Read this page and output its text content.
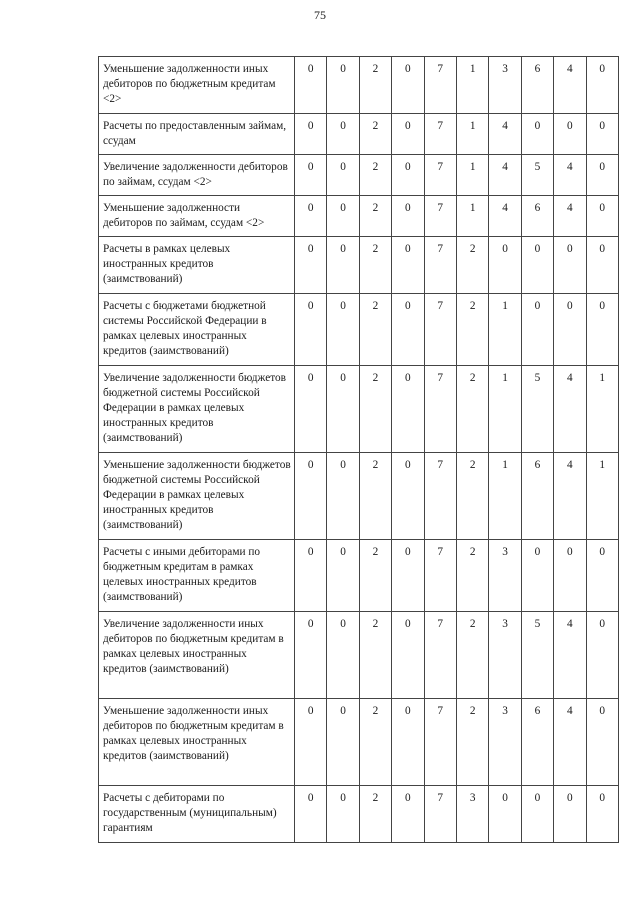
75
Уменьшение задолженности иных дебиторов по бюджетным кредитам <2>	0	0	2	0	7	1	3	6	4	0
Расчеты по предоставленным займам, ссудам	0	0	2	0	7	1	4	0	0	0
Увеличение задолженности дебиторов по займам, ссудам <2>	0	0	2	0	7	1	4	5	4	0
Уменьшение задолженности дебиторов по займам, ссудам <2>	0	0	2	0	7	1	4	6	4	0
Расчеты в рамках целевых иностранных кредитов (заимствований)	0	0	2	0	7	2	0	0	0	0
Расчеты с бюджетами бюджетной системы Российской Федерации в рамках целевых иностранных кредитов (заимствований)	0	0	2	0	7	2	1	0	0	0
Увеличение задолженности бюджетов бюджетной системы Российской Федерации в рамках целевых иностранных кредитов (заимствований)	0	0	2	0	7	2	1	5	4	1
Уменьшение задолженности бюджетов бюджетной системы Российской Федерации в рамках целевых иностранных кредитов (заимствований)	0	0	2	0	7	2	1	6	4	1
Расчеты с иными дебиторами по бюджетным кредитам в рамках целевых иностранных кредитов (заимствований)	0	0	2	0	7	2	3	0	0	0
Увеличение задолженности иных дебиторов по бюджетным кредитам в рамках целевых иностранных кредитов (заимствований)	0	0	2	0	7	2	3	5	4	0
Уменьшение задолженности иных дебиторов по бюджетным кредитам в рамках целевых иностранных кредитов (заимствований)	0	0	2	0	7	2	3	6	4	0
Расчеты с дебиторами по государственным (муниципальным) гарантиям	0	0	2	0	7	3	0	0	0	0
